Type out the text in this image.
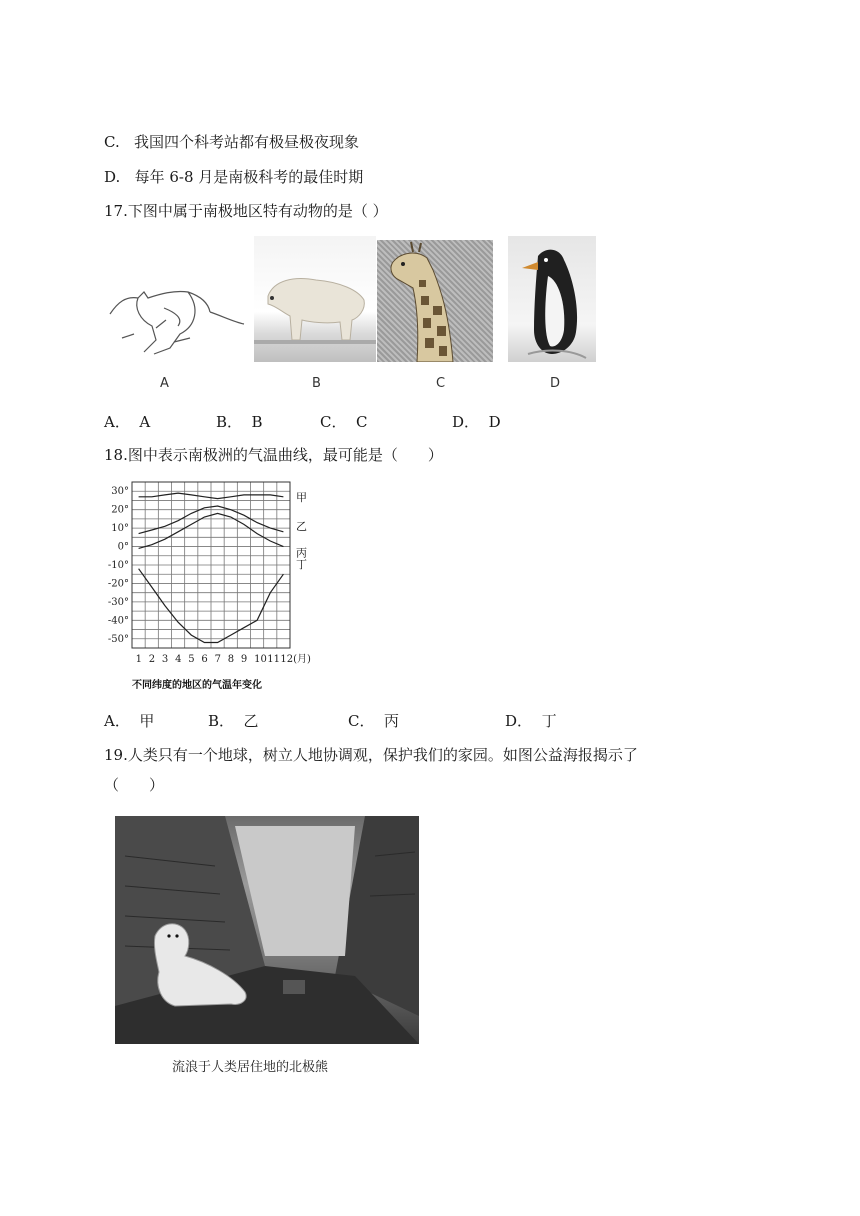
C.   我国四个科考站都有极昼极夜现象
D.   每年 6-8 月是南极科考的最佳时期
17.下图中属于南极地区特有动物的是（ ）
A	B	C	D
A．  A	B．  B	C．  C	D．  D
18.图中表示南极洲的气温曲线，最可能是（　　）
30°
20°
10°
0°
-10°
-20°
-30°
-40°
-50°
1 2 3 4 5 6 7 8 9 10 11 12(月)
甲
乙
丙
丁
不同纬度的地区的气温年变化
A．  甲	B．  乙	C．  丙	D．  丁
19.人类只有一个地球，树立人地协调观，保护我们的家园。如图公益海报揭示了
（　　）
流浪于人类居住地的北极熊
